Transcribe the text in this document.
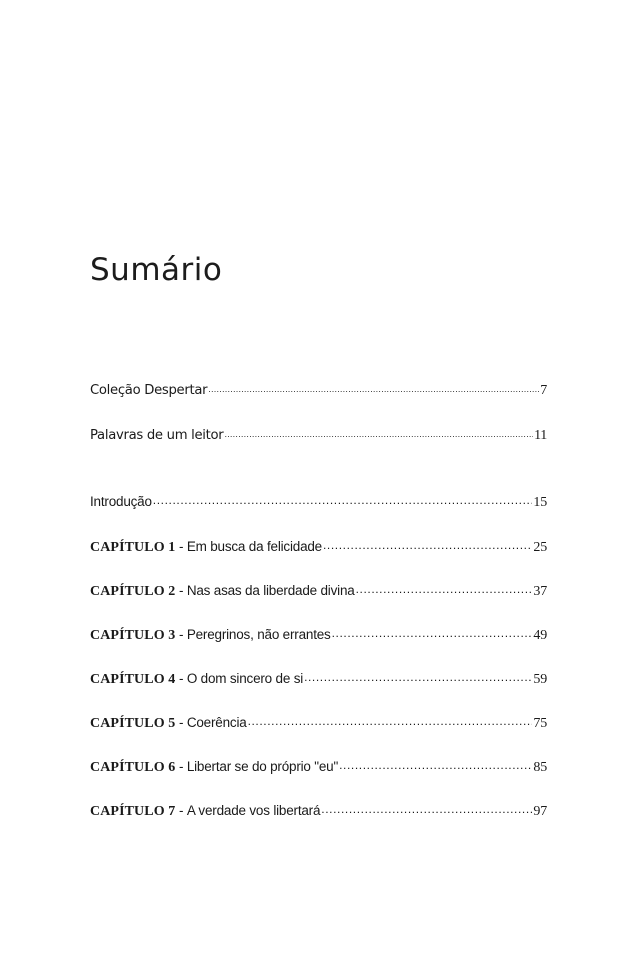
Sumário
Coleção Despertar .....	7
Palavras de um leitor .....	11
Introdução .....	15
CAPÍTULO 1 - Em busca da felicidade .....	25
CAPÍTULO 2 - Nas asas da liberdade divina .....	37
CAPÍTULO 3 - Peregrinos, não errantes .....	49
CAPÍTULO 4 - O dom sincero de si .....	59
CAPÍTULO 5 - Coerência .....	75
CAPÍTULO 6 - Libertar se do próprio "eu" .....	85
CAPÍTULO 7 - A verdade vos libertará .....	97
